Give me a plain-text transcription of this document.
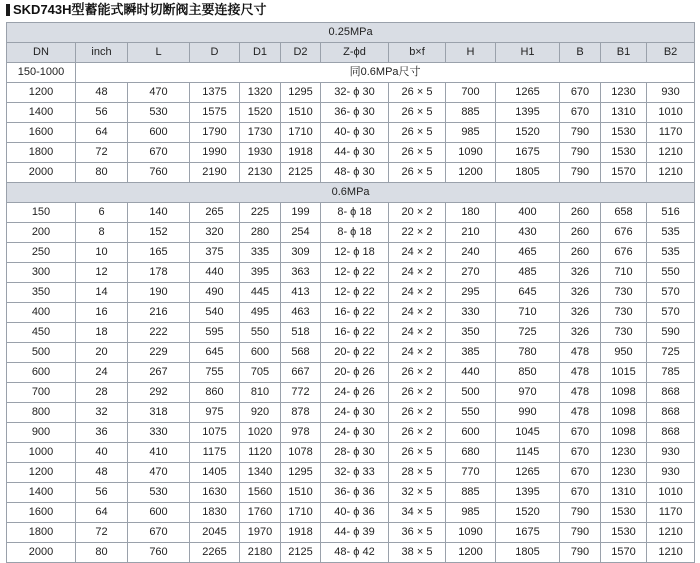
SKD743H型蓄能式瞬时切断阀主要连接尺寸
0.25MPa												
DN	inch	L	D	D1	D2	Z-ϕd	b×f	H	H1	B	B1	B2
150-1000	同0.6MPa尺寸											
1200	48	470	1375	1320	1295	32- ϕ 30	26 × 5	700	1265	670	1230	930
1400	56	530	1575	1520	1510	36- ϕ 30	26 × 5	885	1395	670	1310	1010
1600	64	600	1790	1730	1710	40- ϕ 30	26 × 5	985	1520	790	1530	1170
1800	72	670	1990	1930	1918	44- ϕ 30	26 × 5	1090	1675	790	1530	1210
2000	80	760	2190	2130	2125	48- ϕ 30	26 × 5	1200	1805	790	1570	1210
0.6MPa												
150	6	140	265	225	199	8- ϕ 18	20 × 2	180	400	260	658	516
200	8	152	320	280	254	8- ϕ 18	22 × 2	210	430	260	676	535
250	10	165	375	335	309	12- ϕ 18	24 × 2	240	465	260	676	535
300	12	178	440	395	363	12- ϕ 22	24 × 2	270	485	326	710	550
350	14	190	490	445	413	12- ϕ 22	24 × 2	295	645	326	730	570
400	16	216	540	495	463	16- ϕ 22	24 × 2	330	710	326	730	570
450	18	222	595	550	518	16- ϕ 22	24 × 2	350	725	326	730	590
500	20	229	645	600	568	20- ϕ 22	24 × 2	385	780	478	950	725
600	24	267	755	705	667	20- ϕ 26	26 × 2	440	850	478	1015	785
700	28	292	860	810	772	24- ϕ 26	26 × 2	500	970	478	1098	868
800	32	318	975	920	878	24- ϕ 30	26 × 2	550	990	478	1098	868
900	36	330	1075	1020	978	24- ϕ 30	26 × 2	600	1045	670	1098	868
1000	40	410	1175	1120	1078	28- ϕ 30	26 × 5	680	1145	670	1230	930
1200	48	470	1405	1340	1295	32- ϕ 33	28 × 5	770	1265	670	1230	930
1400	56	530	1630	1560	1510	36- ϕ 36	32 × 5	885	1395	670	1310	1010
1600	64	600	1830	1760	1710	40- ϕ 36	34 × 5	985	1520	790	1530	1170
1800	72	670	2045	1970	1918	44- ϕ 39	36 × 5	1090	1675	790	1530	1210
2000	80	760	2265	2180	2125	48- ϕ 42	38 × 5	1200	1805	790	1570	1210
